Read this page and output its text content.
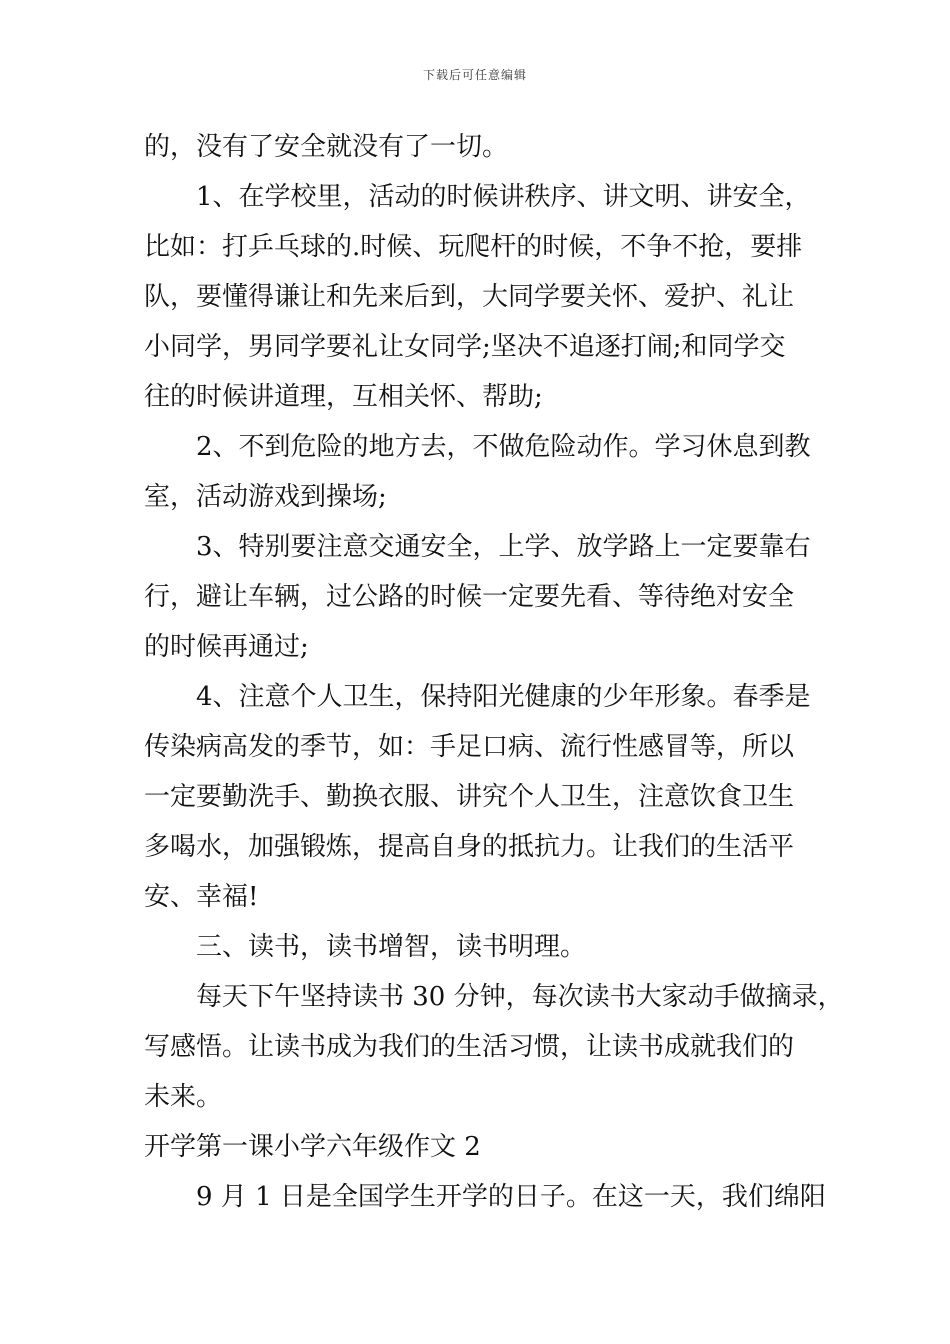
下载后可任意编辑
的，没有了安全就没有了一切。
1、在学校里，活动的时候讲秩序、讲文明、讲安全，
比如：打乒乓球的.时候、玩爬杆的时候，不争不抢，要排
队，要懂得谦让和先来后到，大同学要关怀、爱护、礼让
小同学，男同学要礼让女同学;坚决不追逐打闹;和同学交
往的时候讲道理，互相关怀、帮助;
2、不到危险的地方去，不做危险动作。学习休息到教
室，活动游戏到操场;
3、特别要注意交通安全，上学、放学路上一定要靠右
行，避让车辆，过公路的时候一定要先看、等待绝对安全
的时候再通过;
4、注意个人卫生，保持阳光健康的少年形象。春季是
传染病高发的季节，如：手足口病、流行性感冒等，所以
一定要勤洗手、勤换衣服、讲究个人卫生，注意饮食卫生
多喝水，加强锻炼，提高自身的抵抗力。让我们的生活平
安、幸福!
三、读书，读书增智，读书明理。
每天下午坚持读书 30 分钟，每次读书大家动手做摘录，
写感悟。让读书成为我们的生活习惯，让读书成就我们的
未来。
开学第一课小学六年级作文 2
9 月 1 日是全国学生开学的日子。在这一天，我们绵阳
